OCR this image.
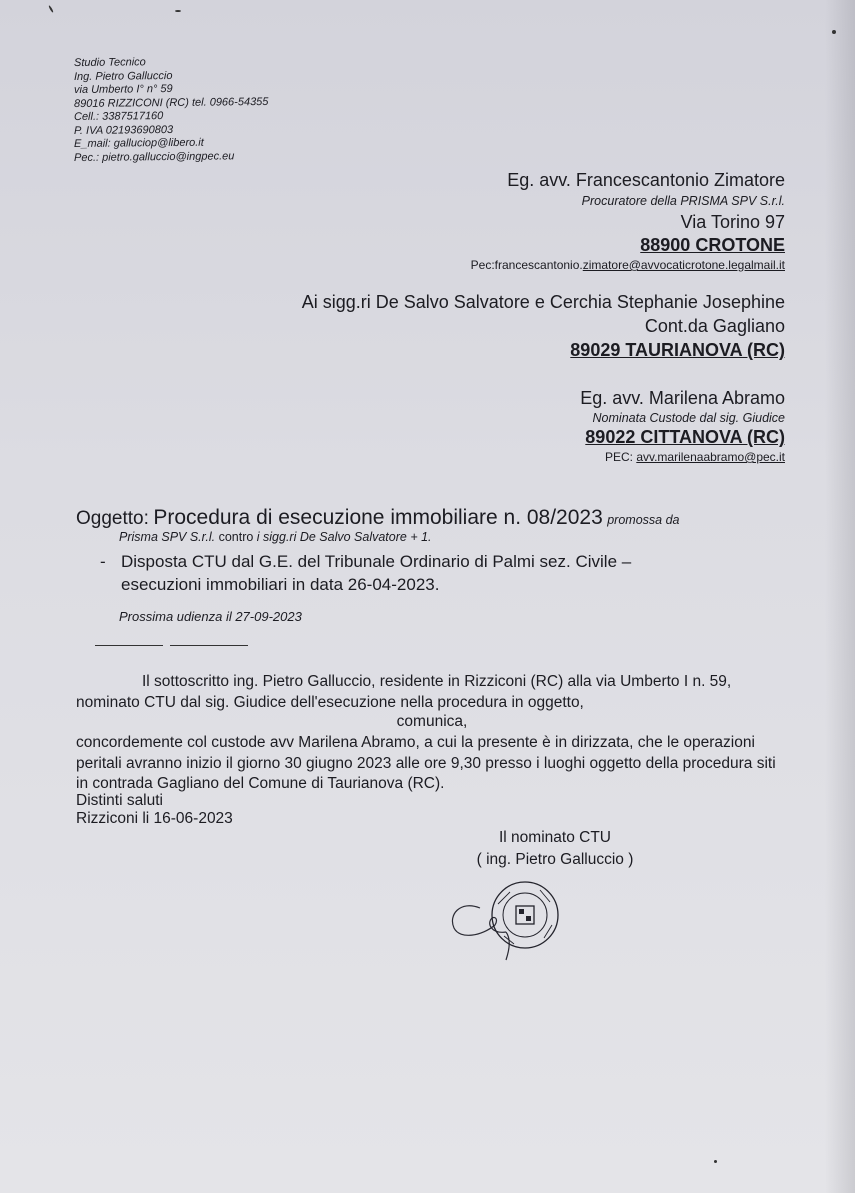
Studio Tecnico
Ing. Pietro Galluccio
via Umberto I° n° 59
89016 RIZZICONI (RC) tel. 0966-54355
Cell.: 3387517160
P. IVA 02193690803
E_mail: galluciop@libero.it
Pec.: pietro.galluccio@ingpec.eu
Eg. avv. Francescantonio Zimatore
Procuratore della PRISMA SPV S.r.l.
Via Torino 97
88900 CROTONE
Pec:francescantonio.zimatore@avvocaticrotone.legalmail.it
Ai sigg.ri De Salvo Salvatore e Cerchia Stephanie Josephine
Cont.da Gagliano
89029 TAURIANOVA (RC)
Eg. avv. Marilena Abramo
Nominata Custode dal sig. Giudice
89022 CITTANOVA (RC)
PEC: avv.marilenaabramo@pec.it
Oggetto: Procedura di esecuzione immobiliare n. 08/2023 promossa da
Prisma SPV S.r.l. contro i sigg.ri De Salvo Salvatore + 1.
- Disposta CTU dal G.E. del Tribunale Ordinario di Palmi sez. Civile –
esecuzioni immobiliari in data 26-04-2023.
Prossima udienza il 27-09-2023
Il sottoscritto ing. Pietro Galluccio, residente in Rizziconi (RC) alla via Umberto I n. 59, nominato CTU dal sig. Giudice dell'esecuzione nella procedura in oggetto,
comunica,
concordemente col custode avv Marilena Abramo, a cui la presente è in dirizzata, che le operazioni peritali avranno inizio il giorno 30 giugno 2023 alle ore 9,30 presso i luoghi oggetto della procedura siti in contrada Gagliano del Comune di Taurianova (RC).
Distinti saluti
Rizziconi li 16-06-2023
Il nominato CTU
( ing. Pietro Galluccio )
